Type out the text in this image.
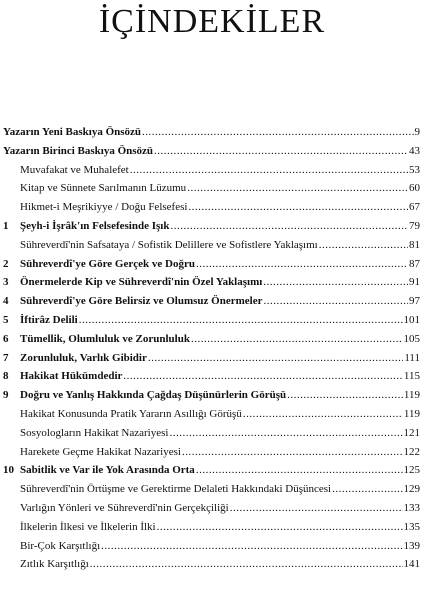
İÇİNDEKİLER
Yazarın Yeni Baskıya Önsözü .....	9
Yazarın Birinci Baskıya Önsözü .....	43
Muvafakat ve Muhalefet .....	53
Kitap ve Sünnete Sarılmanın Lüzumu .....	60
Hikmet-i Meşrikiyye / Doğu Felsefesi .....	67
1 Şeyh-i İşrâk'ın Felsefesinde Işık .....	79
Sühreverdî'nin Safsataya / Sofistik Delillere ve Sofistlere Yaklaşımı .....	81
2 Sühreverdî'ye Göre Gerçek ve Doğru .....	87
3 Önermelerde Kip ve Sühreverdî'nin Özel Yaklaşımı .....	91
4 Sühreverdî'ye Göre Belirsiz ve Olumsuz Önermeler .....	97
5 İftirâz Delili .....	101
6 Tümellik, Olumluluk ve Zorunluluk .....	105
7 Zorunluluk, Varlık Gibidir .....	111
8 Hakikat Hükümdedir .....	115
9 Doğru ve Yanlış Hakkında Çağdaş Düşünürlerin Görüşü .....	119
Hakikat Konusunda Pratik Yararın Asıllığı Görüşü .....	119
Sosyologların Hakikat Nazariyesi .....	121
Harekete Geçme Hakikat Nazariyesi .....	122
10 Sabitlik ve Var ile Yok Arasında Orta .....	125
Sühreverdî'nin Örtüşme ve Gerektirme Delaleti Hakkındaki Düşüncesi .....	129
Varlığın Yönleri ve Sühreverdî'nin Gerçekçiliği .....	133
İlkelerin İlkesi ve İlkelerin İlki .....	135
Bir-Çok Karşıtlığı .....	139
Zıtlık Karşıtlığı .....	141
